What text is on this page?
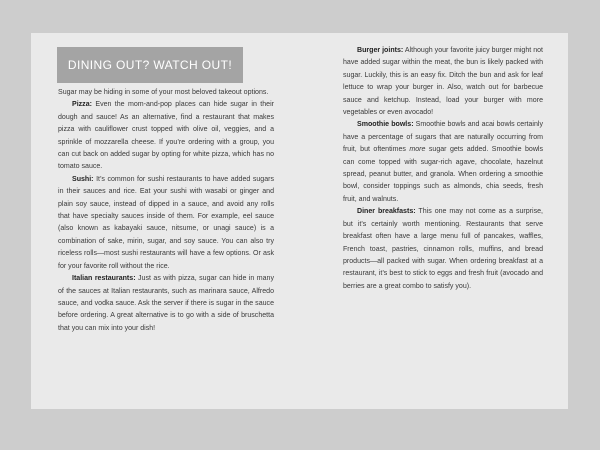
DINING OUT? WATCH OUT!

Sugar may be hiding in some of your most beloved takeout options.

Pizza: Even the mom-and-pop places can hide sugar in their dough and sauce! As an alternative, find a restaurant that makes pizza with cauliflower crust topped with olive oil, veggies, and a sprinkle of mozzarella cheese. If you’re ordering with a group, you can cut back on added sugar by opting for white pizza, which has no tomato sauce.

Sushi: It’s common for sushi restaurants to have added sugars in their sauces and rice. Eat your sushi with wasabi or ginger and plain soy sauce, instead of dipped in a sauce, and avoid any rolls that have specialty sauces inside of them. For example, eel sauce (also known as kabayaki sauce, nitsume, or unagi sauce) is a combination of sake, mirin, sugar, and soy sauce. You can also try riceless rolls—most sushi restaurants will have a few options. Or ask for your favorite roll without the rice.

Italian restaurants: Just as with pizza, sugar can hide in many of the sauces at Italian restaurants, such as marinara sauce, Alfredo sauce, and vodka sauce. Ask the server if there is sugar in the sauce before ordering. A great alternative is to go with a side of bruschetta that you can mix into your dish!

Burger joints: Although your favorite juicy burger might not have added sugar within the meat, the bun is likely packed with sugar. Luckily, this is an easy fix. Ditch the bun and ask for leaf lettuce to wrap your burger in. Also, watch out for barbecue sauce and ketchup. Instead, load your burger with more vegetables or even avocado!

Smoothie bowls: Smoothie bowls and acai bowls certainly have a percentage of sugars that are naturally occurring from fruit, but oftentimes more sugar gets added. Smoothie bowls can come topped with sugar-rich agave, chocolate, hazelnut spread, peanut butter, and granola. When ordering a smoothie bowl, consider toppings such as almonds, chia seeds, fresh fruit, and walnuts.

Diner breakfasts: This one may not come as a surprise, but it’s certainly worth mentioning. Restaurants that serve breakfast often have a large menu full of pancakes, waffles, French toast, pastries, cinnamon rolls, muffins, and bread products—all packed with sugar. When ordering breakfast at a restaurant, it’s best to stick to eggs and fresh fruit (avocado and berries are a great combo to satisfy you).
